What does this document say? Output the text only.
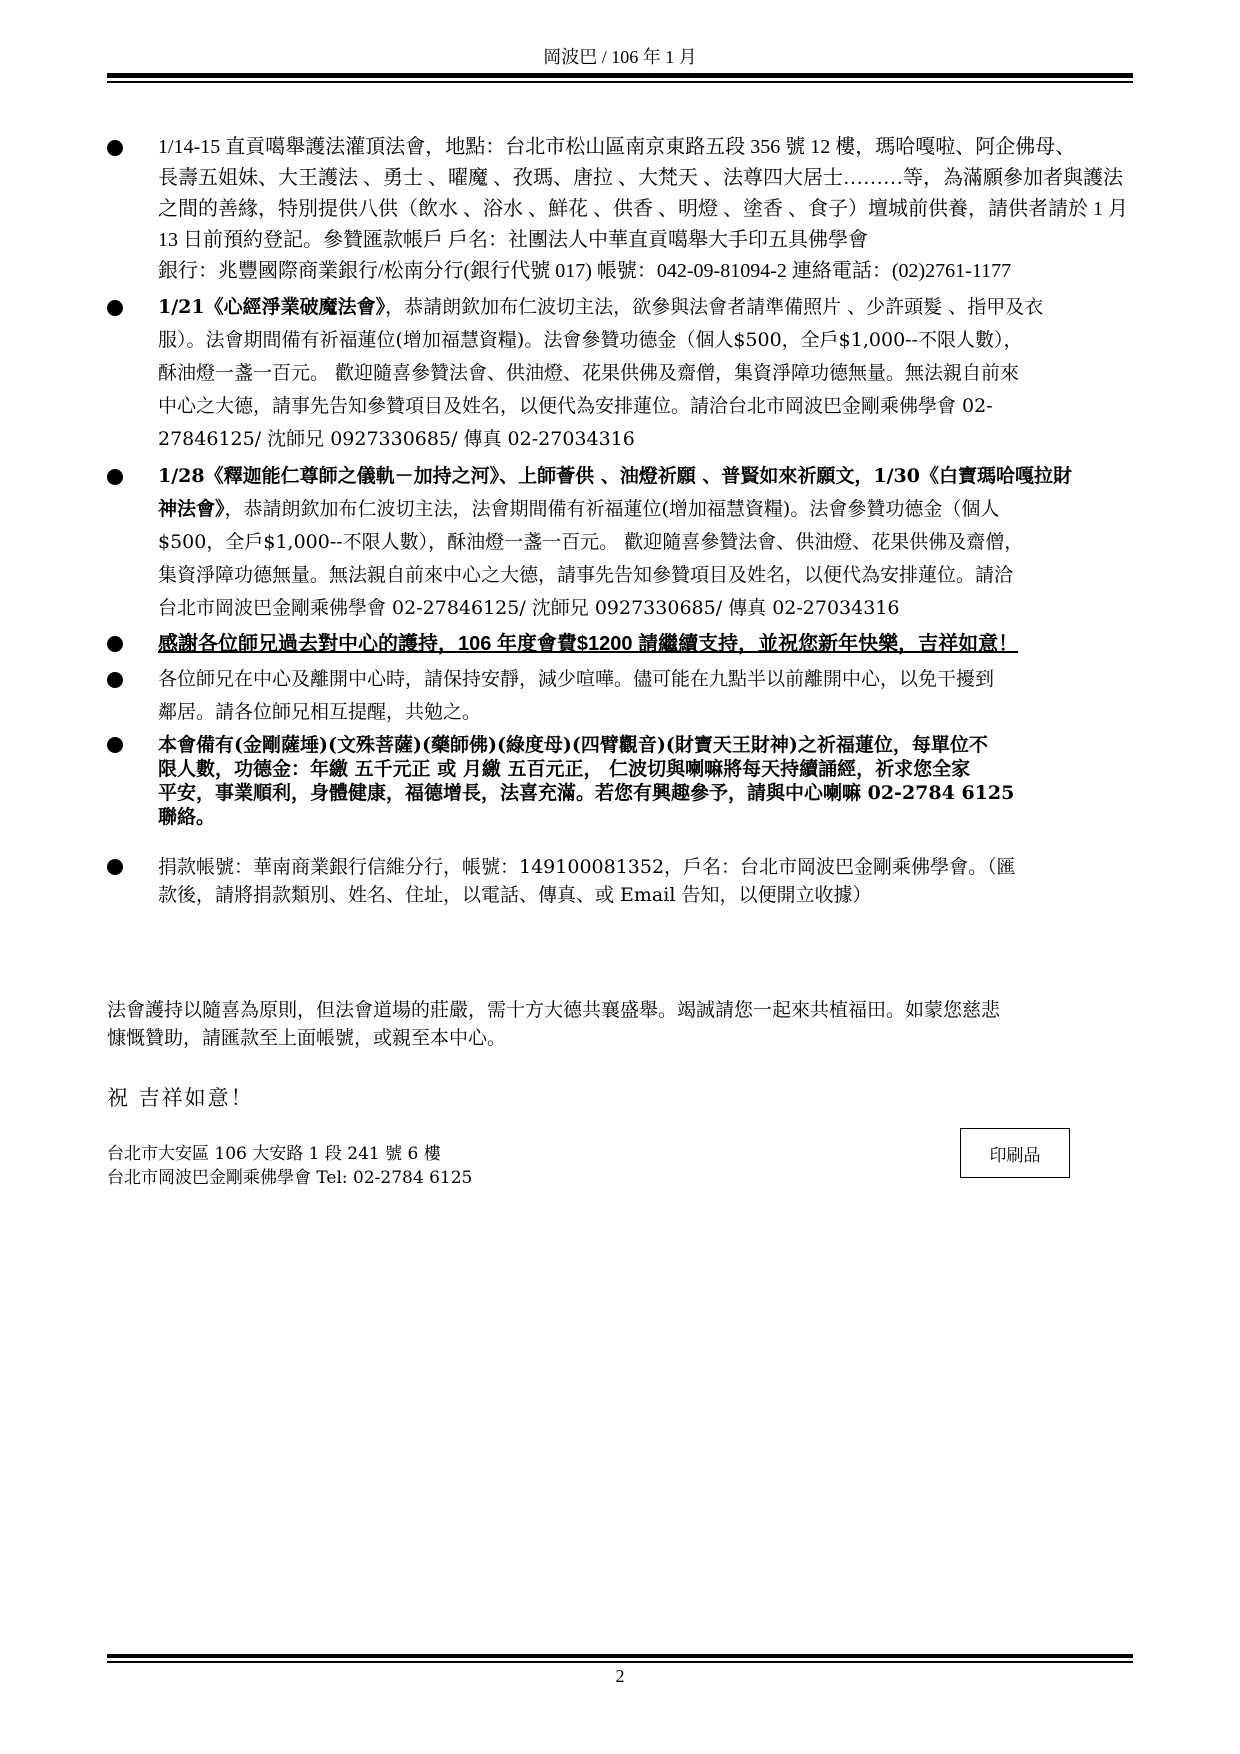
岡波巴 / 106 年 1 月
1/14-15 直貢噶舉護法灌頂法會，地點：台北市松山區南京東路五段 356 號 12 樓，瑪哈嘎啦、阿企佛母、
長壽五姐妹、大王護法 、勇士 、曜魔 、孜瑪、唐拉 、大梵天 、法尊四大居士………等，為滿願參加者與護法
之間的善緣，特別提供八供（飲水 、浴水 、鮮花 、供香 、明燈 、塗香 、食子）壇城前供養，請供者請於 1 月
13 日前預約登記。參贊匯款帳戶 戶名：社團法人中華直貢噶舉大手印五具佛學會
銀行：兆豐國際商業銀行/松南分行(銀行代號 017) 帳號：042-09-81094-2 連絡電話：(02)2761-1177
1/21《心經淨業破魔法會》，恭請朗欽加布仁波切主法，欲參與法會者請準備照片 、少許頭髮 、指甲及衣
服）。法會期間備有祈福蓮位(增加福慧資糧)。法會參贊功德金（個人$500，全戶$1,000--不限人數），
酥油燈一盞一百元。 歡迎隨喜參贊法會、供油燈、花果供佛及齋僧，集資淨障功德無量。無法親自前來
中心之大德，請事先告知參贊項目及姓名，以便代為安排蓮位。請洽台北市岡波巴金剛乘佛學會 02-
27846125/ 沈師兄 0927330685/ 傳真 02-27034316
1/28《釋迦能仁尊師之儀軌－加持之河》、上師薈供 、油燈祈願 、普賢如來祈願文，1/30《白寶瑪哈嘎拉財
神法會》，恭請朗欽加布仁波切主法，法會期間備有祈福蓮位(增加福慧資糧)。法會參贊功德金（個人
$500，全戶$1,000--不限人數），酥油燈一盞一百元。 歡迎隨喜參贊法會、供油燈、花果供佛及齋僧，
集資淨障功德無量。無法親自前來中心之大德，請事先告知參贊項目及姓名，以便代為安排蓮位。請洽
台北市岡波巴金剛乘佛學會 02-27846125/ 沈師兄 0927330685/ 傳真 02-27034316
感謝各位師兄過去對中心的護持，106 年度會費$1200 請繼續支持，並祝您新年快樂，吉祥如意！
各位師兄在中心及離開中心時，請保持安靜，減少喧嘩。儘可能在九點半以前離開中心，以免干擾到
鄰居。請各位師兄相互提醒，共勉之。
本會備有(金剛薩埵)(文殊菩薩)(藥師佛)(綠度母)(四臂觀音)(財寶天王財神)之祈福蓮位，每單位不
限人數，功德金：年繳 五千元正 或 月繳 五百元正， 仁波切與喇嘛將每天持續誦經，祈求您全家
平安，事業順利，身體健康，福德增長，法喜充滿。若您有興趣參予，請與中心喇嘛 02-2784 6125
聯絡。
捐款帳號：華南商業銀行信維分行，帳號：149100081352，戶名：台北市岡波巴金剛乘佛學會。（匯
款後，請將捐款類別、姓名、住址，以電話、傳真、或 Email 告知，以便開立收據）
法會護持以隨喜為原則，但法會道場的莊嚴，需十方大德共襄盛舉。竭誠請您一起來共植福田。如蒙您慈悲
慷慨贊助，請匯款至上面帳號，或親至本中心。
祝 吉祥如意！
台北市大安區 106 大安路 1 段 241 號 6 樓
台北市岡波巴金剛乘佛學會 Tel: 02-2784 6125
印刷品
2
